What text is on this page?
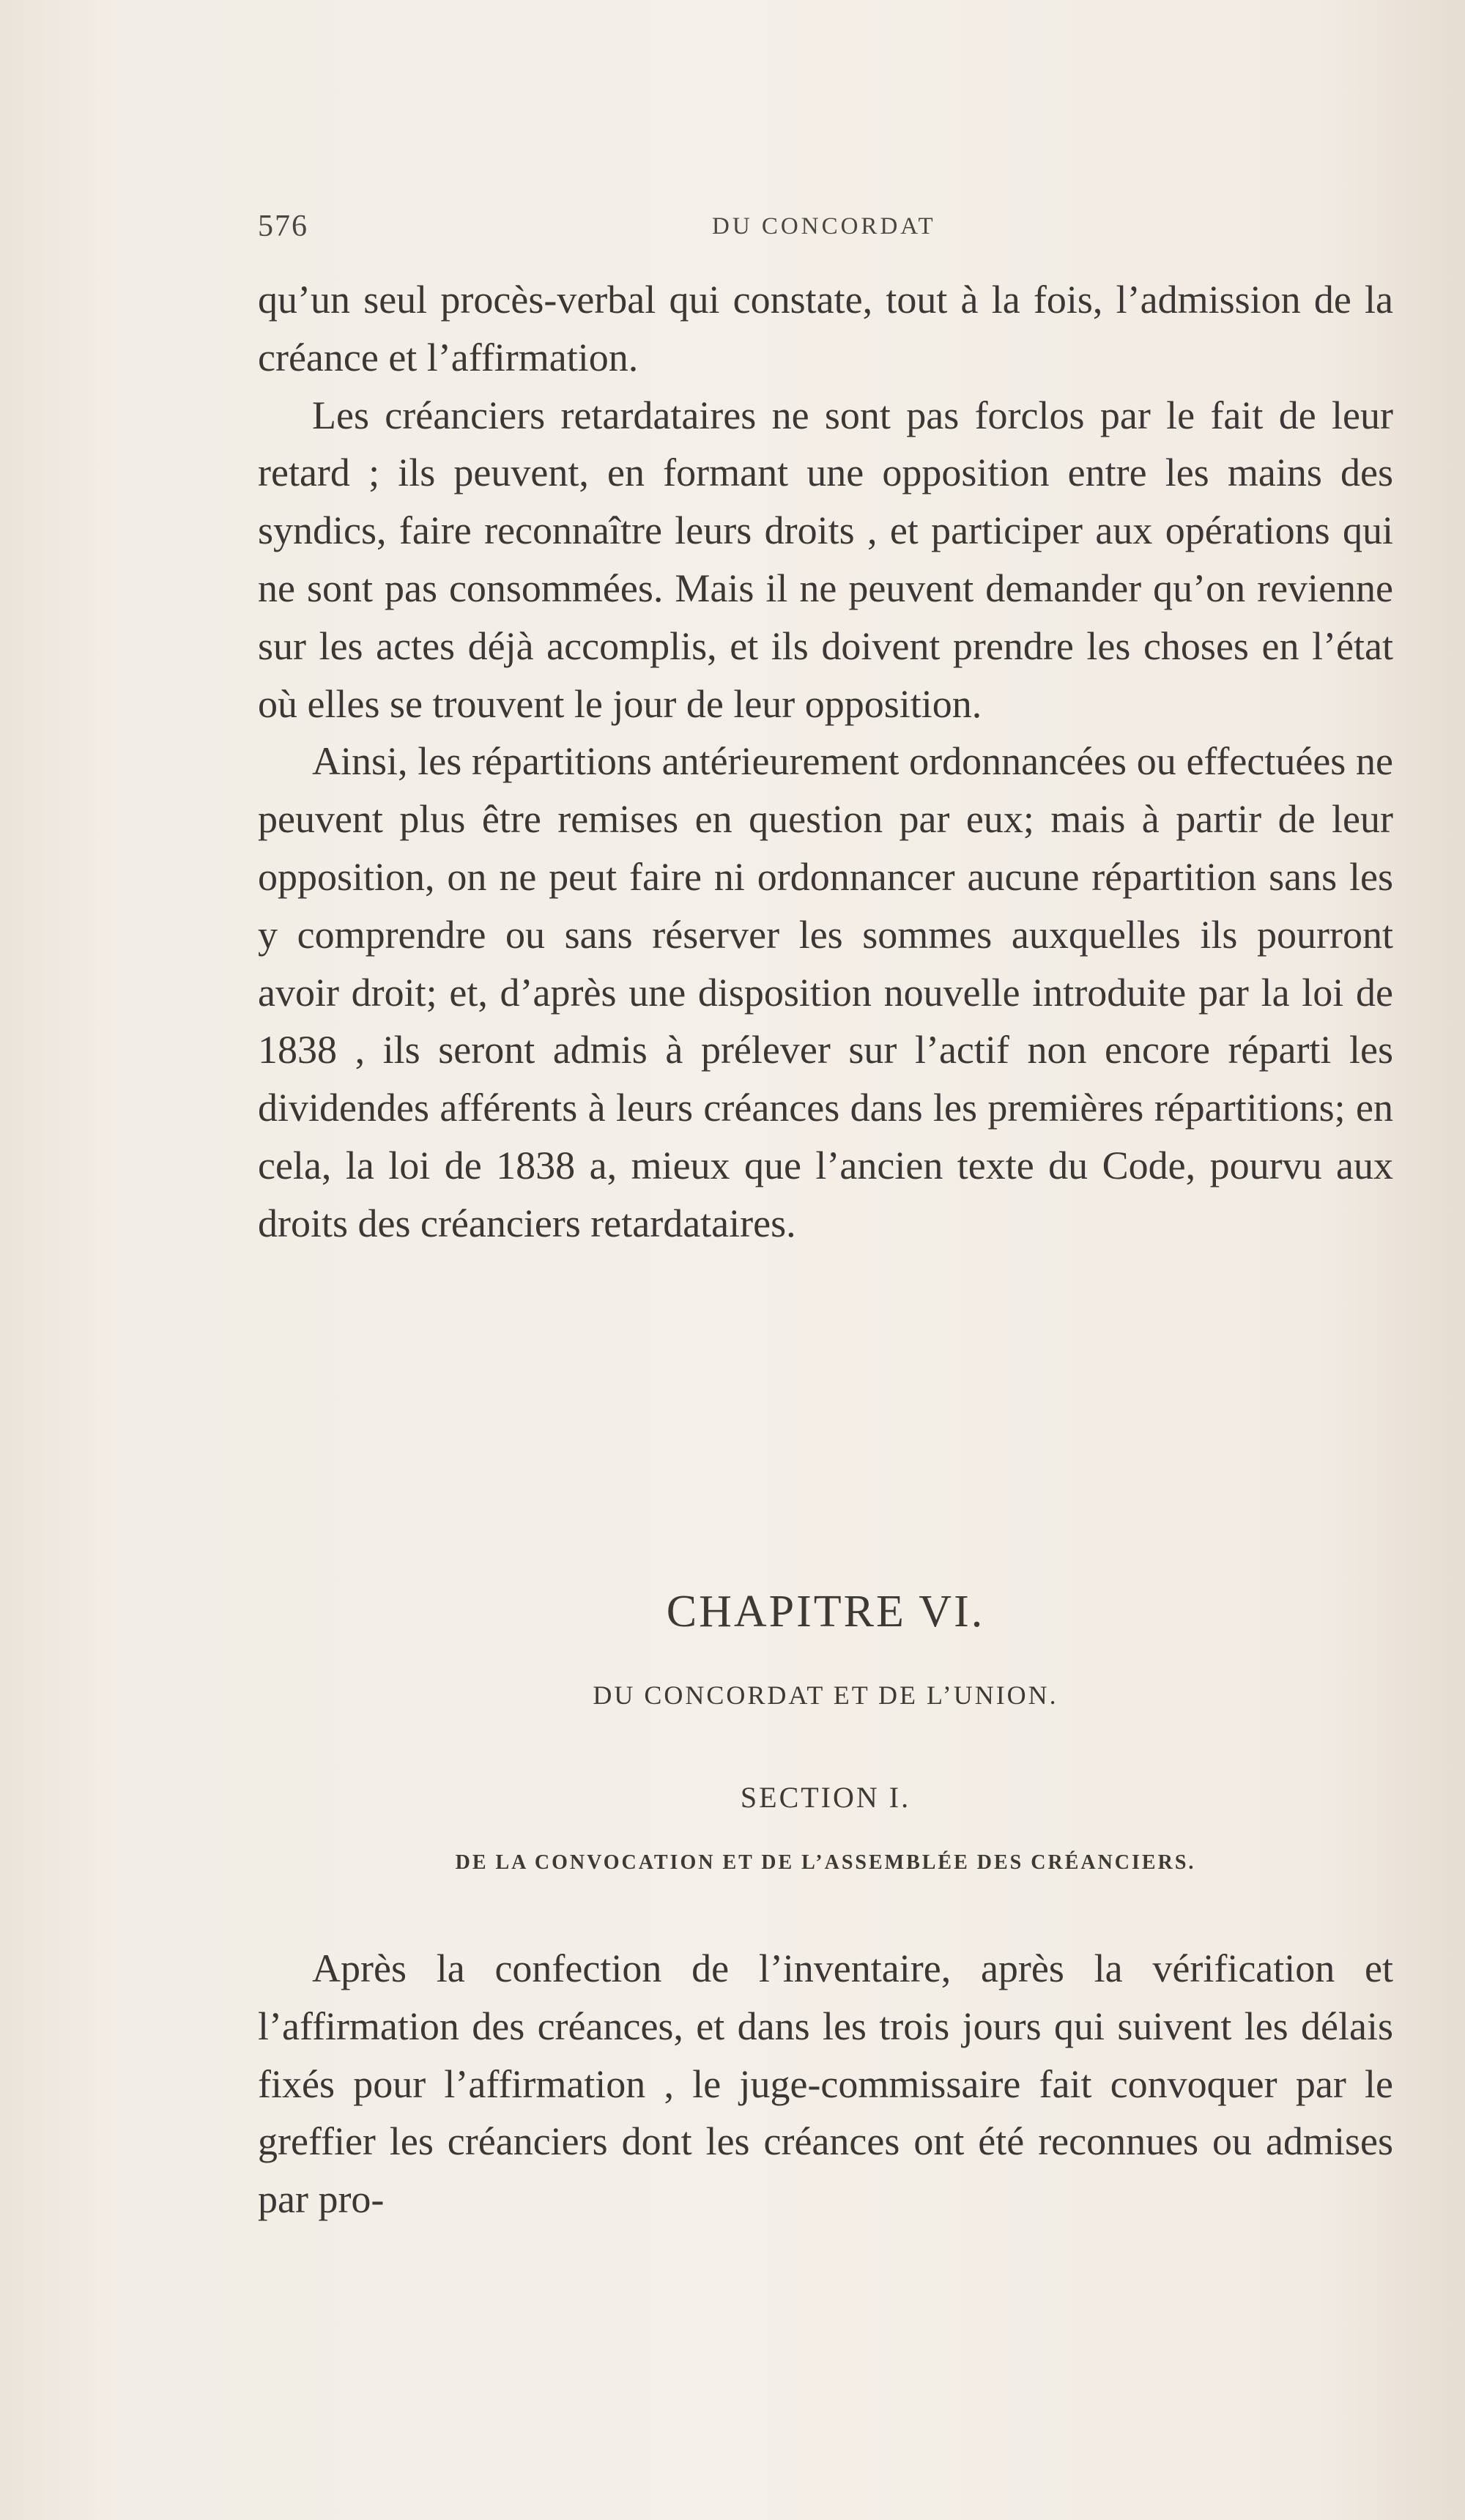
576	DU CONCORDAT

qu’un seul procès-verbal qui constate, tout à la fois, l’admission de la créance et l’affirmation.

Les créanciers retardataires ne sont pas forclos par le fait de leur retard ; ils peuvent, en formant une opposition entre les mains des syndics, faire reconnaître leurs droits , et participer aux opérations qui ne sont pas consommées. Mais il ne peuvent demander qu’on revienne sur les actes déjà accomplis, et ils doivent prendre les choses en l’état où elles se trouvent le jour de leur opposition.

Ainsi, les répartitions antérieurement ordonnancées ou effectuées ne peuvent plus être remises en question par eux; mais à partir de leur opposition, on ne peut faire ni ordonnancer aucune répartition sans les y comprendre ou sans réserver les sommes auxquelles ils pourront avoir droit; et, d’après une disposition nouvelle introduite par la loi de 1838 , ils seront admis à prélever sur l’actif non encore réparti les dividendes afférents à leurs créances dans les premières répartitions; en cela, la loi de 1838 a, mieux que l’ancien texte du Code, pourvu aux droits des créanciers retardataires.

CHAPITRE VI.

DU CONCORDAT ET DE L’UNION.

SECTION I.

DE LA CONVOCATION ET DE L’ASSEMBLÉE DES CRÉANCIERS.

Après la confection de l’inventaire, après la vérification et l’affirmation des créances, et dans les trois jours qui suivent les délais fixés pour l’affirmation , le juge-commissaire fait convoquer par le greffier les créanciers dont les créances ont été reconnues ou admises par pro-
